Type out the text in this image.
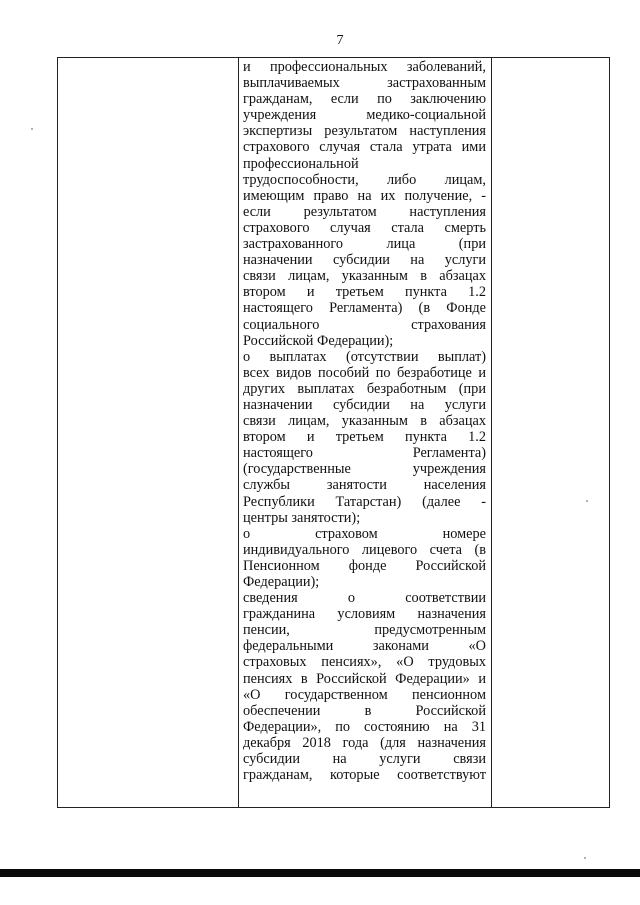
7
и профессиональных заболеваний,
выплачиваемых застрахованным
гражданам, если по заключению
учреждения медико-социальной
экспертизы результатом наступления
страхового случая стала утрата ими
профессиональной
трудоспособности, либо лицам,
имеющим право на их получение, -
если результатом наступления
страхового случая стала смерть
застрахованного лица (при
назначении субсидии на услуги
связи лицам, указанным в абзацах
втором и третьем пункта 1.2
настоящего Регламента) (в Фонде
социального страхования
Российской Федерации);
о выплатах (отсутствии выплат)
всех видов пособий по безработице и
других выплатах безработным (при
назначении субсидии на услуги
связи лицам, указанным в абзацах
втором и третьем пункта 1.2
настоящего Регламента)
(государственные учреждения
службы занятости населения
Республики Татарстан) (далее -
центры занятости);
о страховом номере
индивидуального лицевого счета (в
Пенсионном фонде Российской
Федерации);
сведения о соответствии
гражданина условиям назначения
пенсии, предусмотренным
федеральными законами «О
страховых пенсиях», «О трудовых
пенсиях в Российской Федерации» и
«О государственном пенсионном
обеспечении в Российской
Федерации», по состоянию на 31
декабря 2018 года (для назначения
субсидии на услуги связи
гражданам, которые соответствуют
